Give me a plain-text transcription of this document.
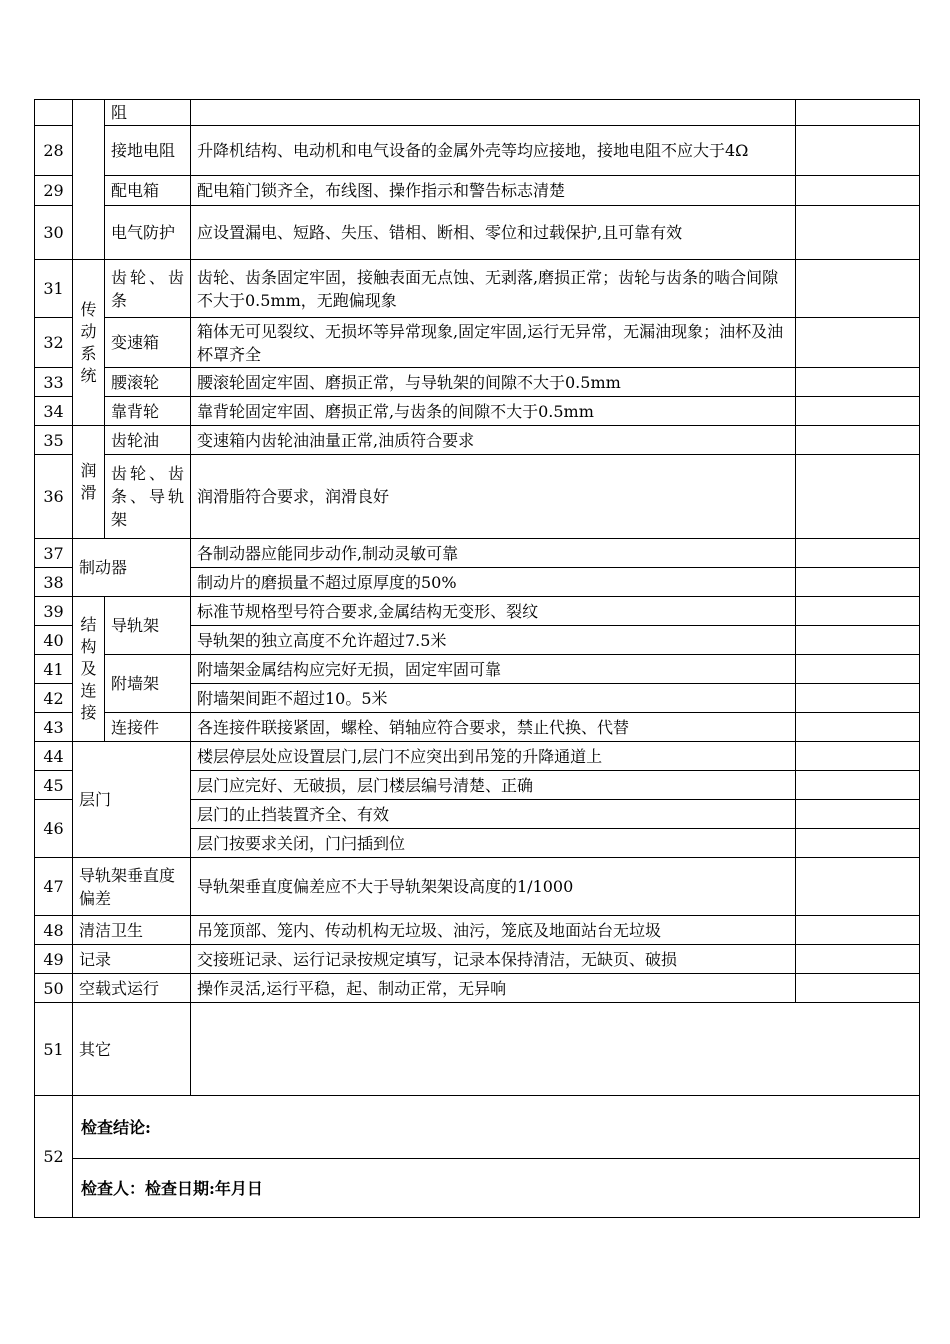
		阻		
28		接地电阻	升降机结构、电动机和电气设备的金属外壳等均应接地，接地电阻不应大于4Ω	
29		配电箱	配电箱门锁齐全，布线图、操作指示和警告标志清楚	
30		电气防护	应设置漏电、短路、失压、错相、断相、零位和过载保护,且可靠有效	
31	传动系统	齿轮、齿条	齿轮、齿条固定牢固，接触表面无点蚀、无剥落,磨损正常；齿轮与齿条的啮合间隙不大于0.5mm，无跑偏现象	
32		变速箱	箱体无可见裂纹、无损坏等异常现象,固定牢固,运行无异常，无漏油现象；油杯及油杯罩齐全	
33		腰滚轮	腰滚轮固定牢固、磨损正常，与导轨架的间隙不大于0.5mm	
34		靠背轮	靠背轮固定牢固、磨损正常,与齿条的间隙不大于0.5mm	
35	润滑	齿轮油	变速箱内齿轮油油量正常,油质符合要求	
36		齿轮、齿条、导轨架	润滑脂符合要求，润滑良好	
37	制动器		各制动器应能同步动作,制动灵敏可靠	
38			制动片的磨损量不超过原厚度的50%	
39	结构及连接	导轨架	标准节规格型号符合要求,金属结构无变形、裂纹	
40			导轨架的独立高度不允许超过7.5米	
41		附墙架	附墙架金属结构应完好无损，固定牢固可靠	
42			附墙架间距不超过10。5米	
43		连接件	各连接件联接紧固，螺栓、销轴应符合要求，禁止代换、代替	
44	层门		楼层停层处应设置层门,层门不应突出到吊笼的升降通道上	
45			层门应完好、无破损，层门楼层编号清楚、正确	
46			层门的止挡装置齐全、有效	
			层门按要求关闭，门闩插到位	
47	导轨架垂直度偏差		导轨架垂直度偏差应不大于导轨架架设高度的1/1000	
48	清洁卫生		吊笼顶部、笼内、传动机构无垃圾、油污，笼底及地面站台无垃圾	
49	记录		交接班记录、运行记录按规定填写，记录本保持清洁，无缺页、破损	
50	空载式运行		操作灵活,运行平稳，起、制动正常，无异响	
51	其它			
52	检查结论:			
	检查人：检查日期:年月日			
